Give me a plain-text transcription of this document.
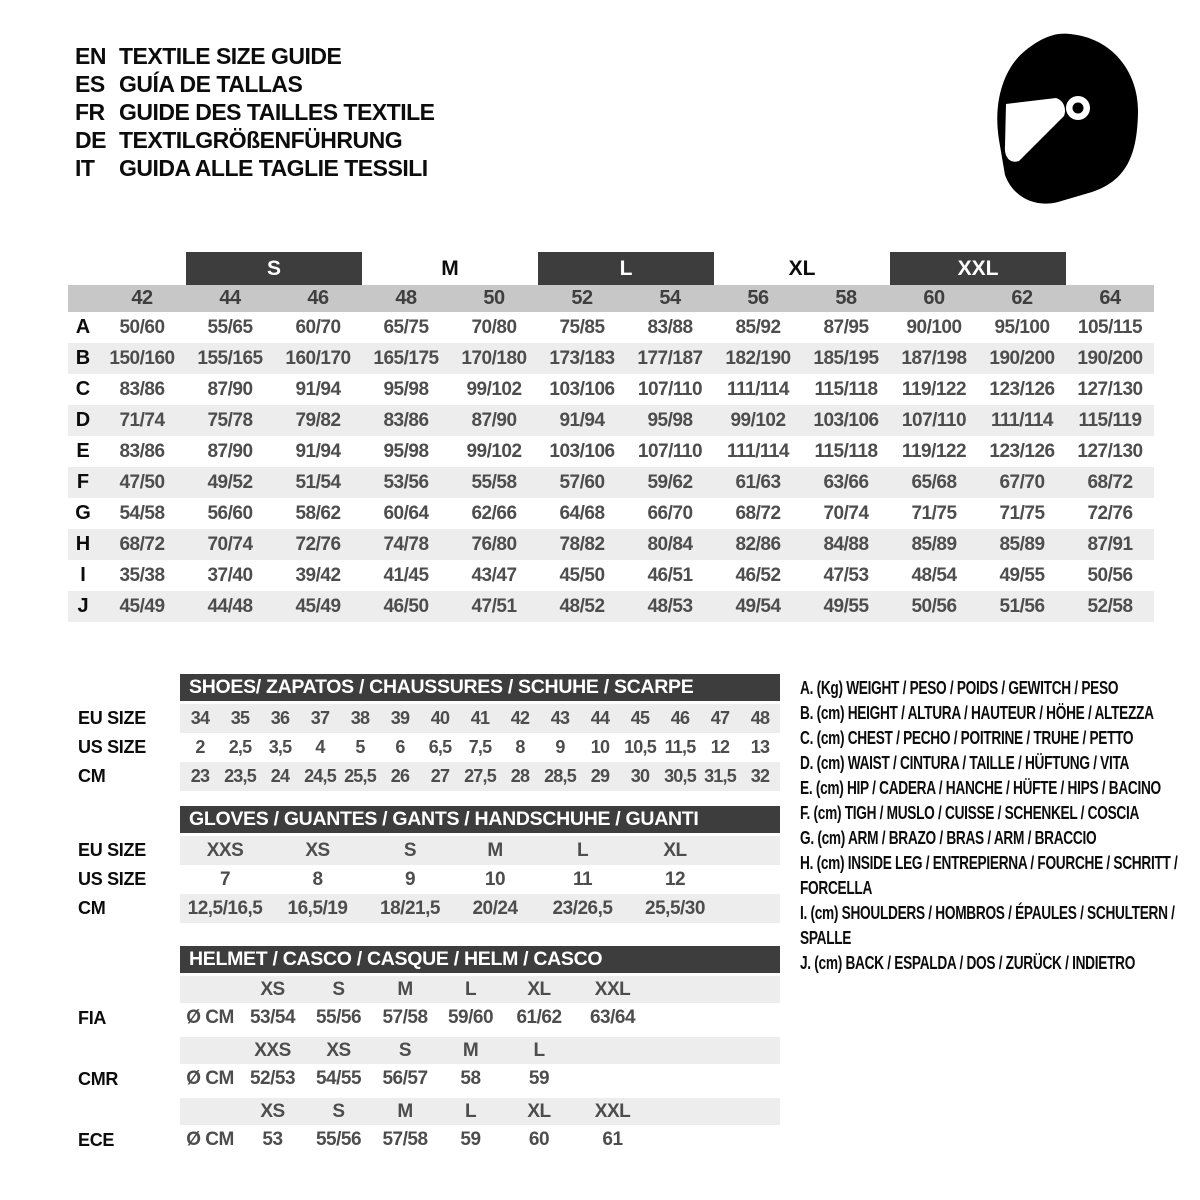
EN TEXTILE SIZE GUIDE
ES GUÍA DE TALLAS
FR GUIDE DES TAILLES TEXTILE
DE TEXTILGRÖßENFÜHRUNG
IT	GUIDA ALLE TAGLIE TESSILI
S	M	L	XL	XXL
42	44	46	48	50	52	54	56	58	60	62	64
A 50/60 55/65 60/70 65/75 70/80 75/85 83/88 85/92 87/95 90/100 95/100 105/115
B 150/160 155/165 160/170 165/175 170/180 173/183 177/187 182/190 185/195 187/198 190/200 190/200
C 83/86 87/90 91/94 95/98 99/102 103/106 107/110 111/114 115/118 119/122 123/126 127/130
D 71/74 75/78 79/82 83/86 87/90 91/94 95/98 99/102 103/106 107/110 111/114 115/119
E 83/86 87/90 91/94 95/98 99/102 103/106 107/110 111/114 115/118 119/122 123/126 127/130
F 47/50 49/52 51/54 53/56 55/58 57/60 59/62 61/63 63/66 65/68 67/70 68/72
G 54/58 56/60 58/62 60/64 62/66 64/68 66/70 68/72 70/74 71/75 71/75 72/76
H 68/72 70/74 72/76 74/78 76/80 78/82 80/84 82/86 84/88 85/89 85/89 87/91
I 35/38 37/40 39/42 41/45 43/47 45/50 46/51 46/52 47/53 48/54 49/55 50/56
J 45/49 44/48 45/49 46/50 47/51 48/52 48/53 49/54 49/55 50/56 51/56 52/58
SHOES/ ZAPATOS / CHAUSSURES / SCHUHE / SCARPE
EU SIZE 34 35 36 37 38 39 40 41 42 43 44 45 46 47 48
US SIZE	2 2,5 3,5 4 5 6 6,5 7,5 8 9 10 10,5 11,5 12 13
CM	23 23,5 24 24,5 25,5 26 27 27,5 28 28,5 29 30 30,5 31,5 32
GLOVES / GUANTES / GANTS / HANDSCHUHE / GUANTI
EU SIZE	XXS	XS	S	M	L	XL
US SIZE	7	8	9	10	11	12
CM	12,5/16,5 16,5/19 18/21,5 20/24 23/26,5 25,5/30
HELMET / CASCO / CASQUE / HELM / CASCO
XS	S	M	L	XL XXL
FIA	Ø CM 53/54 55/56 57/58 59/60 61/62 63/64
XXS XS	S	M	L
CMR	Ø CM 52/53 54/55 56/57 58	59
XS	S	M	L	XL XXL
ECE	Ø CM 53 55/56 57/58 59	60	61
A. (Kg) WEIGHT / PESO / POIDS / GEWITCH / PESO
B. (cm) HEIGHT / ALTURA / HAUTEUR / HÖHE / ALTEZZA
C. (cm) CHEST / PECHO / POITRINE / TRUHE / PETTO
D. (cm) WAIST / CINTURA / TAILLE / HÜFTUNG / VITA
E. (cm) HIP / CADERA / HANCHE / HÜFTE / HIPS / BACINO
F. (cm) TIGH / MUSLO / CUISSE / SCHENKEL / COSCIA
G. (cm) ARM / BRAZO / BRAS / ARM / BRACCIO
H. (cm) INSIDE LEG / ENTREPIERNA / FOURCHE / SCHRITT / FORCELLA
I. (cm) SHOULDERS / HOMBROS / ÉPAULES / SCHULTERN / SPALLE
J. (cm) BACK / ESPALDA / DOS / ZURÜCK / INDIETRO
